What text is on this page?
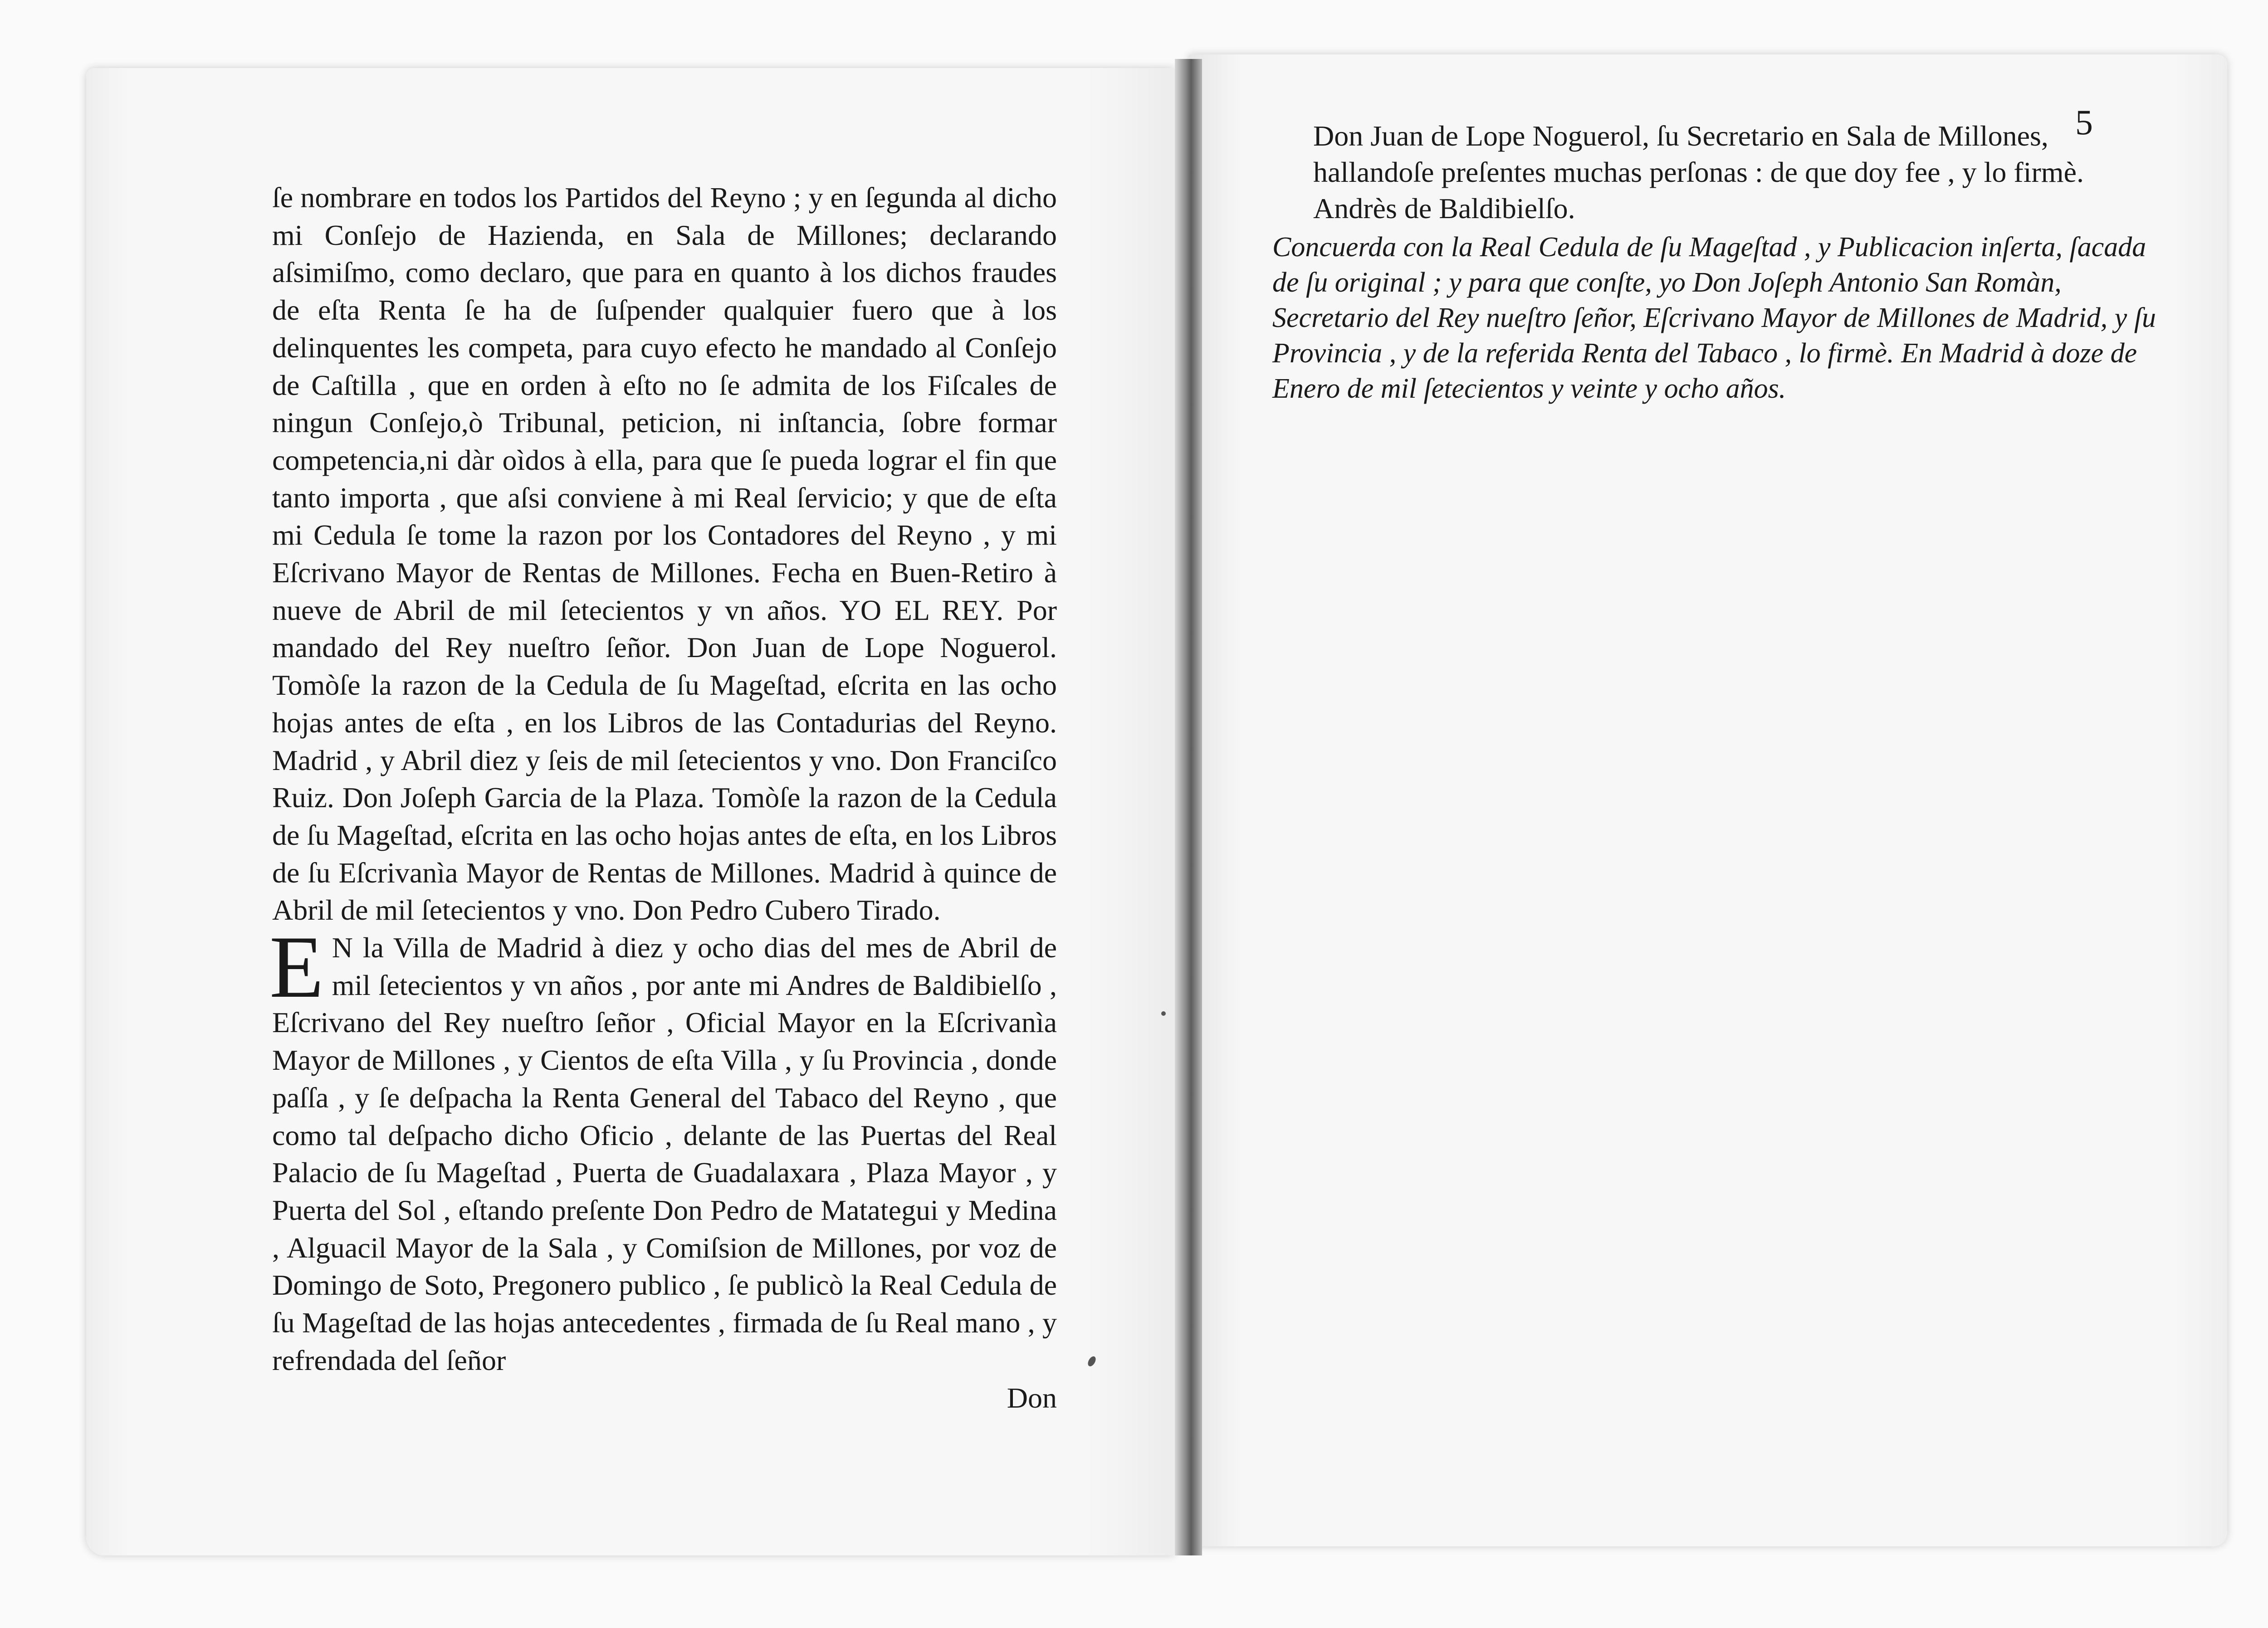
ſe nombrare en todos los Partidos del Reyno ; y en ſegunda al dicho mi Conſejo de Hazienda, en Sala de Millones; declarando aſsimiſmo, como declaro, que para en quanto à los dichos fraudes de eſta Renta ſe ha de ſuſpender qualquier fuero que à los delinquentes les competa, para cuyo efecto he mandado al Conſejo de Caſtilla , que en orden à eſto no ſe admita de los Fiſcales de ningun Conſejo,ò Tribunal, peticion, ni inſtancia, ſobre formar competencia,ni dàr oìdos à ella, para que ſe pueda lograr el fin que tanto importa , que aſsi conviene à mi Real ſervicio; y que de eſta mi Cedula ſe tome la razon por los Contadores del Reyno , y mi Eſcrivano Mayor de Rentas de Millones. Fecha en Buen-Retiro à nueve de Abril de mil ſetecientos y vn años. YO EL REY. Por mandado del Rey nueſtro ſeñor. Don Juan de Lope Noguerol. Tomòſe la razon de la Cedula de ſu Mageſtad, eſcrita en las ocho hojas antes de eſta , en los Libros de las Contadurias del Reyno. Madrid , y Abril diez y ſeis de mil ſetecientos y vno. Don Franciſco Ruiz. Don Joſeph Garcia de la Plaza. Tomòſe la razon de la Cedula de ſu Mageſtad, eſcrita en las ocho hojas antes de eſta, en los Libros de ſu Eſcrivanìa Mayor de Rentas de Millones. Madrid à quince de Abril de mil ſetecientos y vno. Don Pedro Cubero Tirado.

E N la Villa de Madrid à diez y ocho dias del mes de Abril de mil ſetecientos y vn años , por ante mi Andres de Baldibielſo , Eſcrivano del Rey nueſtro ſeñor , Oficial Mayor en la Eſcrivanìa Mayor de Millones , y Cientos de eſta Villa , y ſu Provincia , donde paſſa , y ſe deſpacha la Renta General del Tabaco del Reyno , que como tal deſpacho dicho Oficio , delante de las Puertas del Real Palacio de ſu Mageſtad , Puerta de Guadalaxara , Plaza Mayor , y Puerta del Sol , eſtando preſente Don Pedro de Matategui y Medina , Alguacil Mayor de la Sala , y Comiſsion de Millones, por voz de Domingo de Soto, Pregonero publico , ſe publicò la Real Cedula de ſu Mageſtad de las hojas antecedentes , firmada de ſu Real mano , y refrendada del ſeñor

Don

5

Don Juan de Lope Noguerol, ſu Secretario en Sala de Millones, hallandoſe preſentes muchas perſonas : de que doy fee , y lo firmè. Andrès de Baldibielſo.

Concuerda con la Real Cedula de ſu Mageſtad , y Publicacion inſerta, ſacada de ſu original ; y para que conſte, yo Don Joſeph Antonio San Romàn, Secretario del Rey nueſtro ſeñor, Eſcrivano Mayor de Millones de Madrid, y ſu Provincia , y de la referida Renta del Tabaco , lo firmè. En Madrid à doze de Enero de mil ſetecientos y veinte y ocho años.
